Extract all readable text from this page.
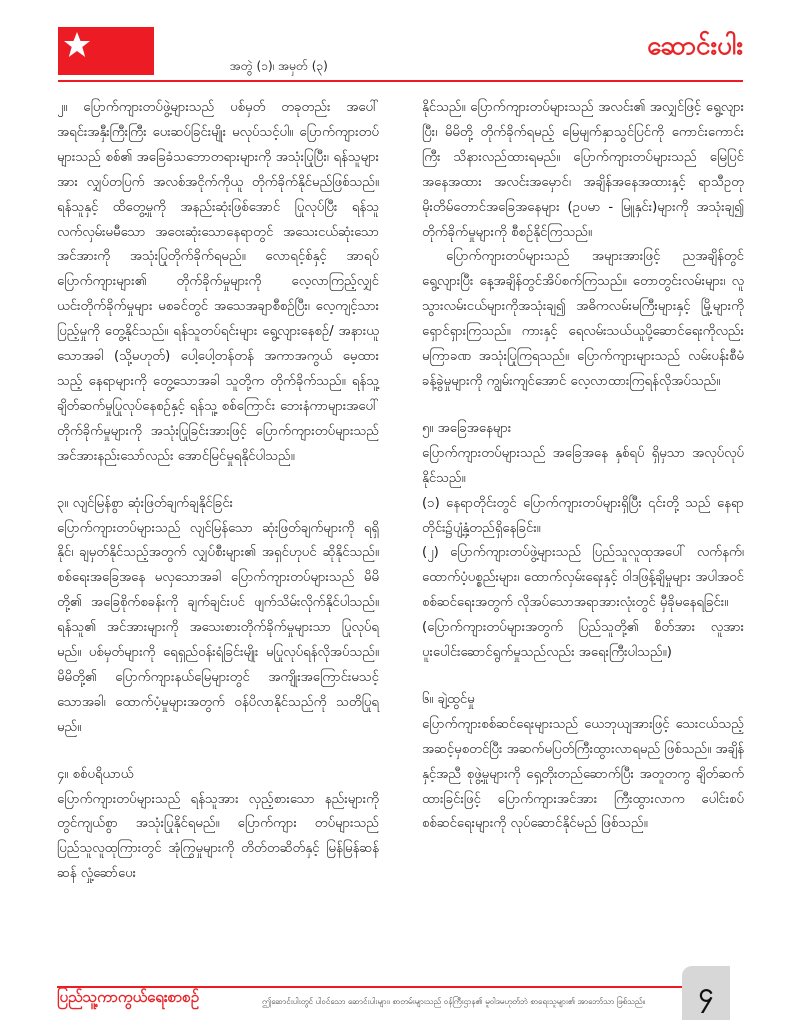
အတွဲ (၁)၊ အမှတ် (၃)
ဆောင်းပါး

၂။ ပြောက်ကျားတပ်ဖွဲ့များသည် ပစ်မှတ် တခုတည်း အပေါ် အရင်းအနှီးကြီးကြီး ပေးဆပ်ခြင်းမျိုး မလုပ်သင့်ပါ။ ပြောက်ကျားတပ်များသည် စစ်၏ အခြေခံသဘောတရားများကို အသုံးပြုပြီး၊ ရန်သူများအား လျှပ်တပြက် အလစ်အငိုက်ကိုယူ တိုက်ခိုက်နိုင်မည်ဖြစ်သည်။ ရန်သူနှင့် ထိတွေ့မှုကို အနည်းဆုံးဖြစ်အောင် ပြုလုပ်ပြီး ရန်သူ လက်လှမ်းမမီသော အဝေးဆုံးသောနေရာတွင် အသေးငယ်ဆုံးသော အင်အားကို အသုံးပြုတိုက်ခိုက်ရမည်။ လောရင့်စ်နှင့် အာရပ်ပြောက်ကျားများ၏ တိုက်ခိုက်မှုများကို လေ့လာကြည့်လျှင် ယင်းတိုက်ခိုက်မှုများ မစခင်တွင် အသေအချာစီစဉ်ပြီး၊ လေ့ကျင့်သားပြည့်မှုကို တွေ့နိုင်သည်။ ရန်သူတပ်ရင်းများ ရွေ့လျားနေစဉ်/ အနားယူသောအခါ (သို့မဟုတ်) ပေါ့ပေါ့တန်တန် အကာအကွယ် မေ့ထားသည့် နေရာများကို တွေ့သောအခါ သူတို့က တိုက်ခိုက်သည်။ ရန်သူ့ချိတ်ဆက်မှုပြုလုပ်နေစဉ်နှင့် ရန်သူ့ စစ်ကြောင်း ဘေးနံကာများအပေါ် တိုက်ခိုက်မှုများကို အသုံးပြုခြင်းအားဖြင့် ပြောက်ကျားတပ်များသည် အင်အားနည်းသော်လည်း အောင်မြင်မှုရနိုင်ပါသည်။

၃။ လျင်မြန်စွာ ဆုံးဖြတ်ချက်ချနိုင်ခြင်း

ပြောက်ကျားတပ်များသည် လျင်မြန်သော ဆုံးဖြတ်ချက်များကို ရရှိနိုင်၊ ချမှတ်နိုင်သည့်အတွက် လျှပ်စီးများ၏ အရှင်ဟုပင် ဆိုနိုင်သည်။ စစ်ရေးအခြေအနေ မလှသောအခါ ပြောက်ကျားတပ်များသည် မိမိတို့၏ အခြေစိုက်စခန်းကို ချက်ချင်းပင် ဖျက်သိမ်းလိုက်နိုင်ပါသည်။ ရန်သူ၏ အင်အားများကို အသေးစားတိုက်ခိုက်မှုများသာ ပြုလုပ်ရမည်။ ပစ်မှတ်များကို ရေရှည်ဝန်းရံခြင်းမျိုး မပြုလုပ်ရန်လိုအပ်သည်။ မိမိတို့၏ ပြောက်ကျားနယ်မြေများတွင် အကျိုးအကြောင်းမသင့်သောအခါ၊ ထောက်ပံ့မှုများအတွက် ဝန်ပိလာနိုင်သည်ကို သတိပြုရမည်။

၄။ စစ်ပရိယာယ်

ပြောက်ကျားတပ်များသည် ရန်သူအား လှည့်စားသော နည်းများကို တွင်ကျယ်စွာ အသုံးပြုနိုင်ရမည်။ ပြောက်ကျား တပ်များသည် ပြည်သူလူထုကြားတွင် အုံကြွမှုများကို တိတ်တဆိတ်နှင့် မြန်မြန်ဆန်ဆန် လှုံ့ဆော်ပေး

နိုင်သည်။ ပြောက်ကျားတပ်များသည် အလင်း၏ အလျှင်ဖြင့် ရွေ့လျားပြီး၊ မိမိတို့ တိုက်ခိုက်ရမည့် မြေမျက်နှာသွင်ပြင်ကို ကောင်းကောင်းကြီး သိနားလည်ထားရမည်။ ပြောက်ကျားတပ်များသည် မြေပြင်အနေအထား အလင်းအမှောင်၊ အချိန်အနေအထားနှင့် ရာသီဥတု မိုးတိမ်တောင်အခြေအနေများ (ဥပမာ - မြူနှင်း)များကို အသုံးချ၍ တိုက်ခိုက်မှုများကို စီစဉ်နိုင်ကြသည်။

ပြောက်ကျားတပ်များသည် အများအားဖြင့် ညအချိန်တွင်ရွေ့လျားပြီး နေ့အချိန်တွင်အိပ်စက်ကြသည်။ တောတွင်းလမ်းများ၊ လူသွားလမ်းငယ်များကိုအသုံးချ၍ အဓိကလမ်းမကြီးများနှင့် မြို့များကိုရှောင်ရှားကြသည်။ ကားနှင့် ရေလမ်းသယ်ယူပို့ဆောင်ရေးကိုလည်း မကြာခဏ အသုံးပြုကြရသည်။ ပြောက်ကျားများသည် လမ်းပန်းစီမံခန့်ခွဲမှုများကို ကျွမ်းကျင်အောင် လေ့လာထားကြရန်လိုအပ်သည်။

၅။ အခြေအနေများ

ပြောက်ကျားတပ်များသည် အခြေအနေ နှစ်ရပ် ရှိမှသာ အလုပ်လုပ်နိုင်သည်။

(၁) နေရာတိုင်းတွင် ပြောက်ကျားတပ်များရှိပြီး ၎င်းတို့ သည် နေရာတိုင်း၌ပျံ့နှံ့တည်ရှိနေခြင်း။

(၂) ပြောက်ကျားတပ်ဖွဲ့များသည် ပြည်သူလူထုအပေါ် လက်နက်၊ ထောက်ပံ့ပစ္စည်းများ၊ ထောက်လှမ်းရေးနှင့် ဝါဒဖြန့်ချိမှုများ အပါအဝင် စစ်ဆင်ရေးအတွက် လိုအပ်သောအရာအားလုံးတွင် မှီခိုမနေရခြင်း။

(ပြောက်ကျားတပ်များအတွက် ပြည်သူတို့၏ စိတ်အား လူအား ပူးပေါင်းဆောင်ရွက်မှုသည်လည်း အရေးကြီးပါသည်။)

၆။ ချဲ့ထွင်မှု

ပြောက်ကျားစစ်ဆင်ရေးများသည် ယေဘုယျအားဖြင့် သေးငယ်သည့်အဆင့်မှစတင်ပြီး အဆက်မပြတ်ကြီးထွားလာရမည် ဖြစ်သည်။ အချိန်နှင့်အညီ စုဖွဲ့မှုများကို ရှေ့တိုးတည်ဆောက်ပြီး အတူတကွ ချိတ်ဆက်ထားခြင်းဖြင့် ပြောက်ကျားအင်အား ကြီးထွားလာက ပေါင်းစပ်စစ်ဆင်ရေးများကို လုပ်ဆောင်နိုင်မည် ဖြစ်သည်။

ပြည်သူ့ကာကွယ်ရေးစာစဉ်	ဤဆောင်းပါးတွင် ပါဝင်သော ဆောင်းပါးများ၊ စာတမ်းများသည် ဝန်ကြီးဌာန၏ မူဝါဒမဟုတ်ဘဲ စာရေးသူများ၏ အာဘော်သာ ဖြစ်သည်။	၄
